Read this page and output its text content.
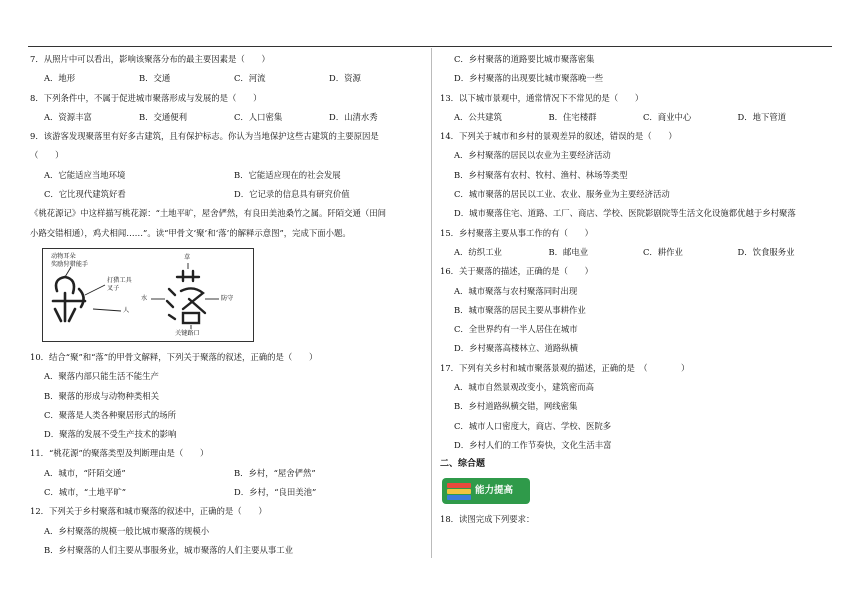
7．从照片中可以看出，影响该聚落分布的最主要因素是（　　）

A．地形	B．交通	C．河流	D．资源

8．下列条件中，不属于促进城市聚落形成与发展的是（　　）

A．资源丰富	B．交通便利	C．人口密集	D．山清水秀

9．该游客发现聚落里有好多古建筑，且有保护标志。你认为当地保护这些古建筑的主要原因是

（　　）

A．它能适应当地环境	B．它能适应现在的社会发展
C．它比现代建筑好看	D．它记录的信息具有研究价值

《桃花源记》中这样描写桃花源：“土地平旷，屋舍俨然，有良田美池桑竹之属。阡陌交通（田间

小路交错相通），鸡犬相闻……”。读“甲骨文‘聚’和‘落’的解释示意图”，完成下面小题。

动物耳朵
奖励狩猎能手
打猎工具
叉子
人
草
水	防守
关键路口

10．结合“聚”和“落”的甲骨文解释，下列关于聚落的叙述，正确的是（　　）

A．聚落内部只能生活不能生产

B．聚落的形成与动物种类相关

C．聚落是人类各种聚居形式的场所

D．聚落的发展不受生产技术的影响

11．“桃花源”的聚落类型及判断理由是（　　）

A．城市，“阡陌交通”	B．乡村，“屋舍俨然”
C．城市，“土地平旷”	D．乡村，“良田美池”

12．下列关于乡村聚落和城市聚落的叙述中，正确的是（　　）

A．乡村聚落的规模一般比城市聚落的规模小

B．乡村聚落的人们主要从事服务业，城市聚落的人们主要从事工业

C．乡村聚落的道路要比城市聚落密集

D．乡村聚落的出现要比城市聚落晚一些

13．以下城市景观中，通常情况下不常见的是（　　）

A．公共建筑	B．住宅楼群	C．商业中心	D．地下管道

14．下列关于城市和乡村的景观差异的叙述，错误的是（　　）

A．乡村聚落的居民以农业为主要经济活动

B．乡村聚落有农村、牧村、渔村、林场等类型

C．城市聚落的居民以工业、农业、服务业为主要经济活动

D．城市聚落住宅、道路、工厂、商店、学校、医院影剧院等生活文化设施都优越于乡村聚落

15．乡村聚落主要从事工作的有（　　）

A．纺织工业	B．邮电业	C．耕作业	D．饮食服务业

16．关于聚落的描述，正确的是（　　）

A．城市聚落与农村聚落同时出现

B．城市聚落的居民主要从事耕作业

C．全世界约有一半人居住在城市

D．乡村聚落高楼林立、道路纵横

17．下列有关乡村和城市聚落景观的描述，正确的是　（　　　　）

A．城市自然景观改变小，建筑密而高

B．乡村道路纵横交错，网线密集

C．城市人口密度大，商店、学校、医院多

D．乡村人们的工作节奏快，文化生活丰富

二、综合题

能力提高

18．读图完成下列要求：
